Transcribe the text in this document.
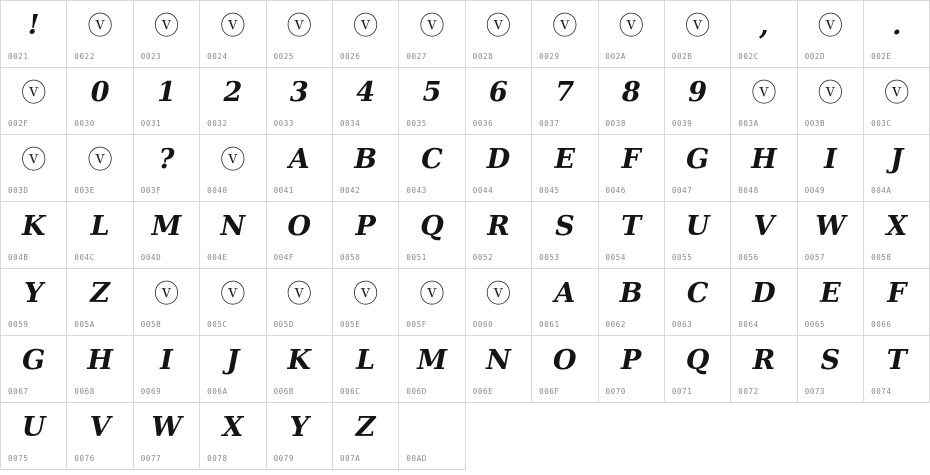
!
0021
ⓥ
0022
ⓥ
0023
ⓥ
0024
ⓥ
0025
ⓥ
0026
ⓥ
0027
ⓥ
0028
ⓥ
0029
ⓥ
002A
ⓥ
002B
,
002C
ⓥ
002D
.
002E
ⓥ
002F
0
0030
1
0031
2
0032
3
0033
4
0034
5
0035
6
0036
7
0037
8
0038
9
0039
ⓥ
003A
ⓥ
003B
ⓥ
003C
ⓥ
003D
ⓥ
003E
?
003F
ⓥ
0040
A
0041
B
0042
C
0043
D
0044
E
0045
F
0046
G
0047
H
0048
I
0049
J
004A
K
004B
L
004C
M
004D
N
004E
O
004F
P
0050
Q
0051
R
0052
S
0053
T
0054
U
0055
V
0056
W
0057
X
0058
Y
0059
Z
005A
ⓥ
005B
ⓥ
005C
ⓥ
005D
ⓥ
005E
ⓥ
005F
ⓥ
0060
A
0061
B
0062
C
0063
D
0064
E
0065
F
0066
G
0067
H
0068
I
0069
J
006A
K
006B
L
006C
M
006D
N
006E
O
006F
P
0070
Q
0071
R
0072
S
0073
T
0074
U
0075
V
0076
W
0077
X
0078
Y
0079
Z
007A	00AD
